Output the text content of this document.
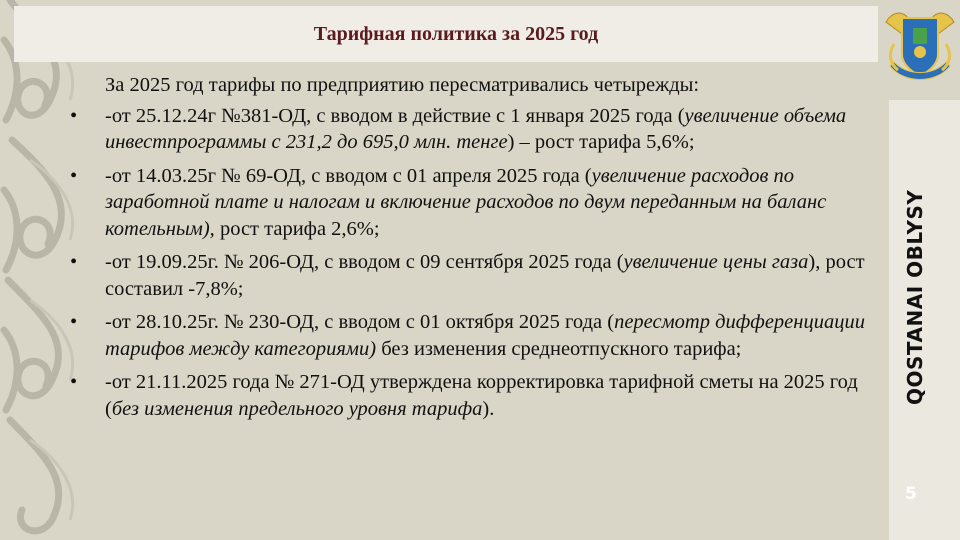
Тарифная политика за 2025 год
QOSTANAI OBLYSY
5

За 2025 год тарифы по предприятию пересматривались четырежды:

•	-от 25.12.24г №381-ОД, с вводом в действие с 1 января 2025 года (увеличение объема инвестпрограммы с 231,2 до 695,0 млн. тенге) – рост тарифа 5,6%;
•	-от 14.03.25г № 69-ОД, с вводом с 01 апреля 2025 года (увеличение расходов по заработной плате и налогам и включение расходов по двум переданным на баланс котельным), рост тарифа 2,6%;
•	-от 19.09.25г. № 206-ОД, с вводом с 09 сентября 2025 года (увеличение цены газа), рост составил -7,8%;
•	-от 28.10.25г. № 230-ОД, с вводом с 01 октября 2025 года (пересмотр дифференциации тарифов между категориями) без изменения среднеотпускного тарифа;
•	-от 21.11.2025 года № 271-ОД утверждена корректировка тарифной сметы на 2025 год (без изменения предельного уровня тарифа).
